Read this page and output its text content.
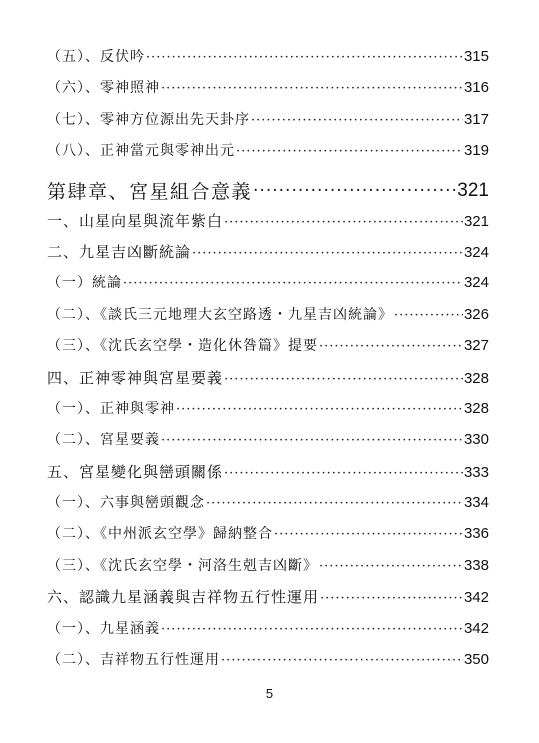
（五）、反伏吟 ·····	315
（六）、零神照神 ·····	316
（七）、零神方位源出先天卦序 ·····	317
（八）、正神當元與零神出元 ·····	319
第肆章、宮星組合意義 ·····	321
一、山星向星與流年紫白 ·····	321
二、九星吉凶斷統論 ·····	324
（一）統論 ·····	324
（二）、《談氏三元地理大玄空路透・九星吉凶統論》 ·····	326
（三）、《沈氏玄空學・造化休咎篇》提要 ·····	327
四、正神零神與宮星要義 ·····	328
（一）、正神與零神 ·····	328
（二）、宮星要義 ·····	330
五、宮星變化與巒頭關係 ·····	333
（一）、六事與巒頭觀念 ·····	334
（二）、《中州派玄空學》歸納整合 ·····	336
（三）、《沈氏玄空學・河洛生剋吉凶斷》 ·····	338
六、認識九星涵義與吉祥物五行性運用 ·····	342
（一）、九星涵義 ·····	342
（二）、吉祥物五行性運用 ·····	350
5
